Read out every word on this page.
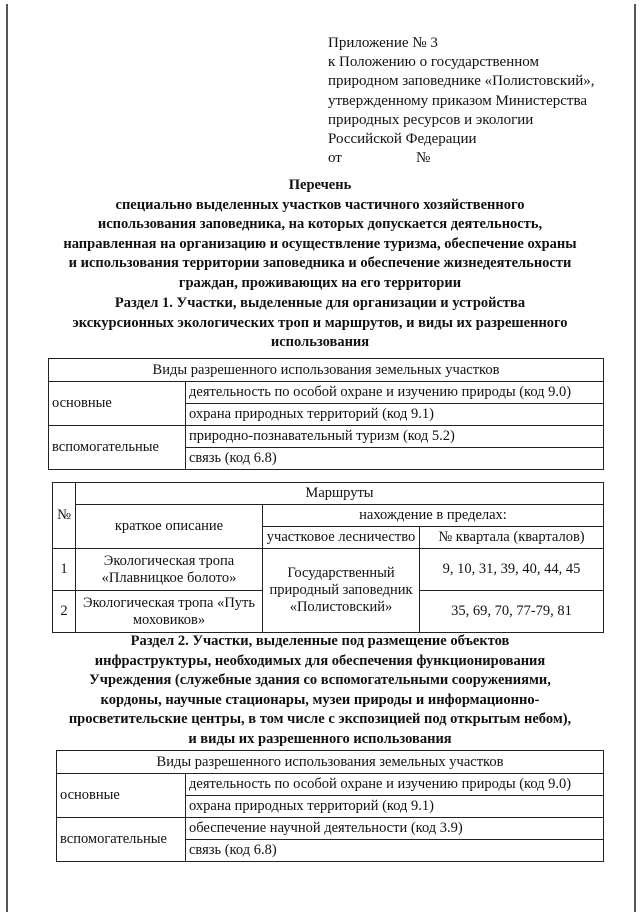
Приложение № 3
к Положению о государственном
природном заповеднике «Полистовский»,
утвержденному приказом Министерства
природных ресурсов и экологии
Российской Федерации
от	№
Перечень
специально выделенных участков частичного хозяйственного
использования заповедника, на которых допускается деятельность,
направленная на организацию и осуществление туризма, обеспечение охраны
и использования территории заповедника и обеспечение жизнедеятельности
граждан, проживающих на его территории
Раздел 1. Участки, выделенные для организации и устройства
экскурсионных экологических троп и маршрутов, и виды их разрешенного
использования
Виды разрешенного использования земельных участков	
основные	деятельность по особой охране и изучению природы (код 9.0)
	охрана природных территорий (код 9.1)
вспомогательные	природно-познавательный туризм (код 5.2)
	связь (код 6.8)
№	Маршруты		
	краткое описание	нахождение в пределах:	
		участковое лесничество	№ квартала (кварталов)
1	Экологическая тропа «Плавницкое болото»	Государственный природный заповедник «Полистовский»	9, 10, 31, 39, 40, 44, 45
2	Экологическая тропа «Путь моховиков»		35, 69, 70, 77-79, 81
Раздел 2. Участки, выделенные под размещение объектов
инфраструктуры, необходимых для обеспечения функционирования
Учреждения (служебные здания со вспомогательными сооружениями,
кордоны, научные стационары, музеи природы и информационно-
просветительские центры, в том числе с экспозицией под открытым небом),
и виды их разрешенного использования
Виды разрешенного использования земельных участков	
основные	деятельность по особой охране и изучению природы (код 9.0)
	охрана природных территорий (код 9.1)
вспомогательные	обеспечение научной деятельности (код 3.9)
	связь (код 6.8)
